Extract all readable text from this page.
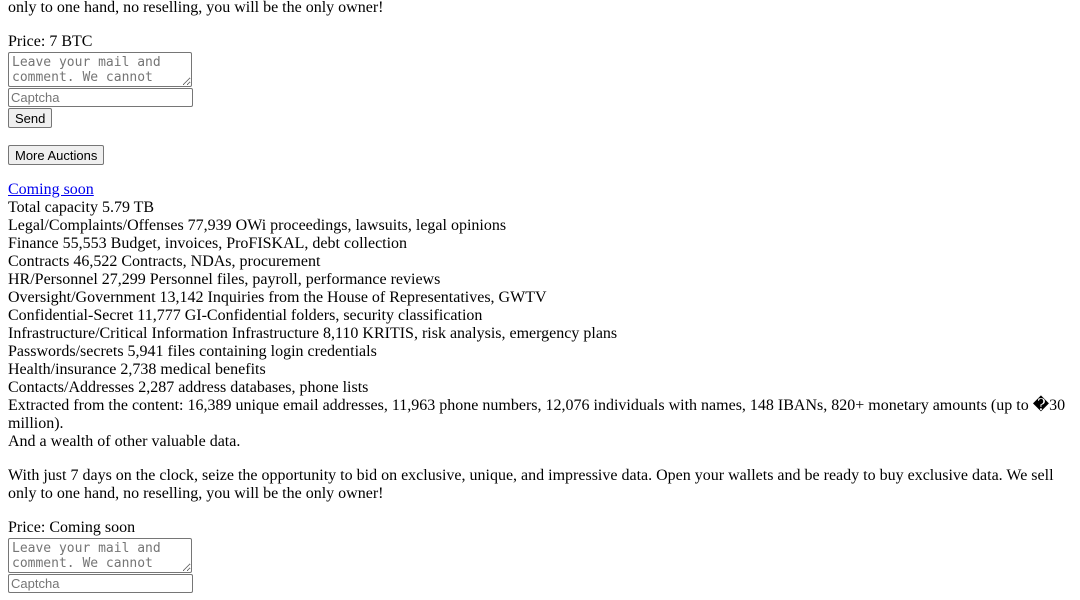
only to one hand, no reselling, you will be the only owner!

Price: 7 BTC

Leave your mail and comment. We cannot reply without it.
Captcha
Send
More Auctions
Coming soon
Total capacity 5.79 TB
Legal/Complaints/Offenses 77,939 OWi proceedings, lawsuits, legal opinions
Finance 55,553 Budget, invoices, ProFISKAL, debt collection
Contracts 46,522 Contracts, NDAs, procurement
HR/Personnel 27,299 Personnel files, payroll, performance reviews
Oversight/Government 13,142 Inquiries from the House of Representatives, GWTV
Confidential-Secret 11,777 GI-Confidential folders, security classification
Infrastructure/Critical Information Infrastructure 8,110 KRITIS, risk analysis, emergency plans
Passwords/secrets 5,941 files containing login credentials
Health/insurance 2,738 medical benefits
Contacts/Addresses 2,287 address databases, phone lists

Extracted from the content: 16,389 unique email addresses, 11,963 phone numbers, 12,076 individuals with names, 148 IBANs, 820+ monetary amounts (up to �30 million).

And a wealth of other valuable data.

With just 7 days on the clock, seize the opportunity to bid on exclusive, unique, and impressive data. Open your wallets and be ready to buy exclusive data. We sell only to one hand, no reselling, you will be the only owner!

Price: Coming soon

Leave your mail and comment. We cannot reply without it.
Captcha
